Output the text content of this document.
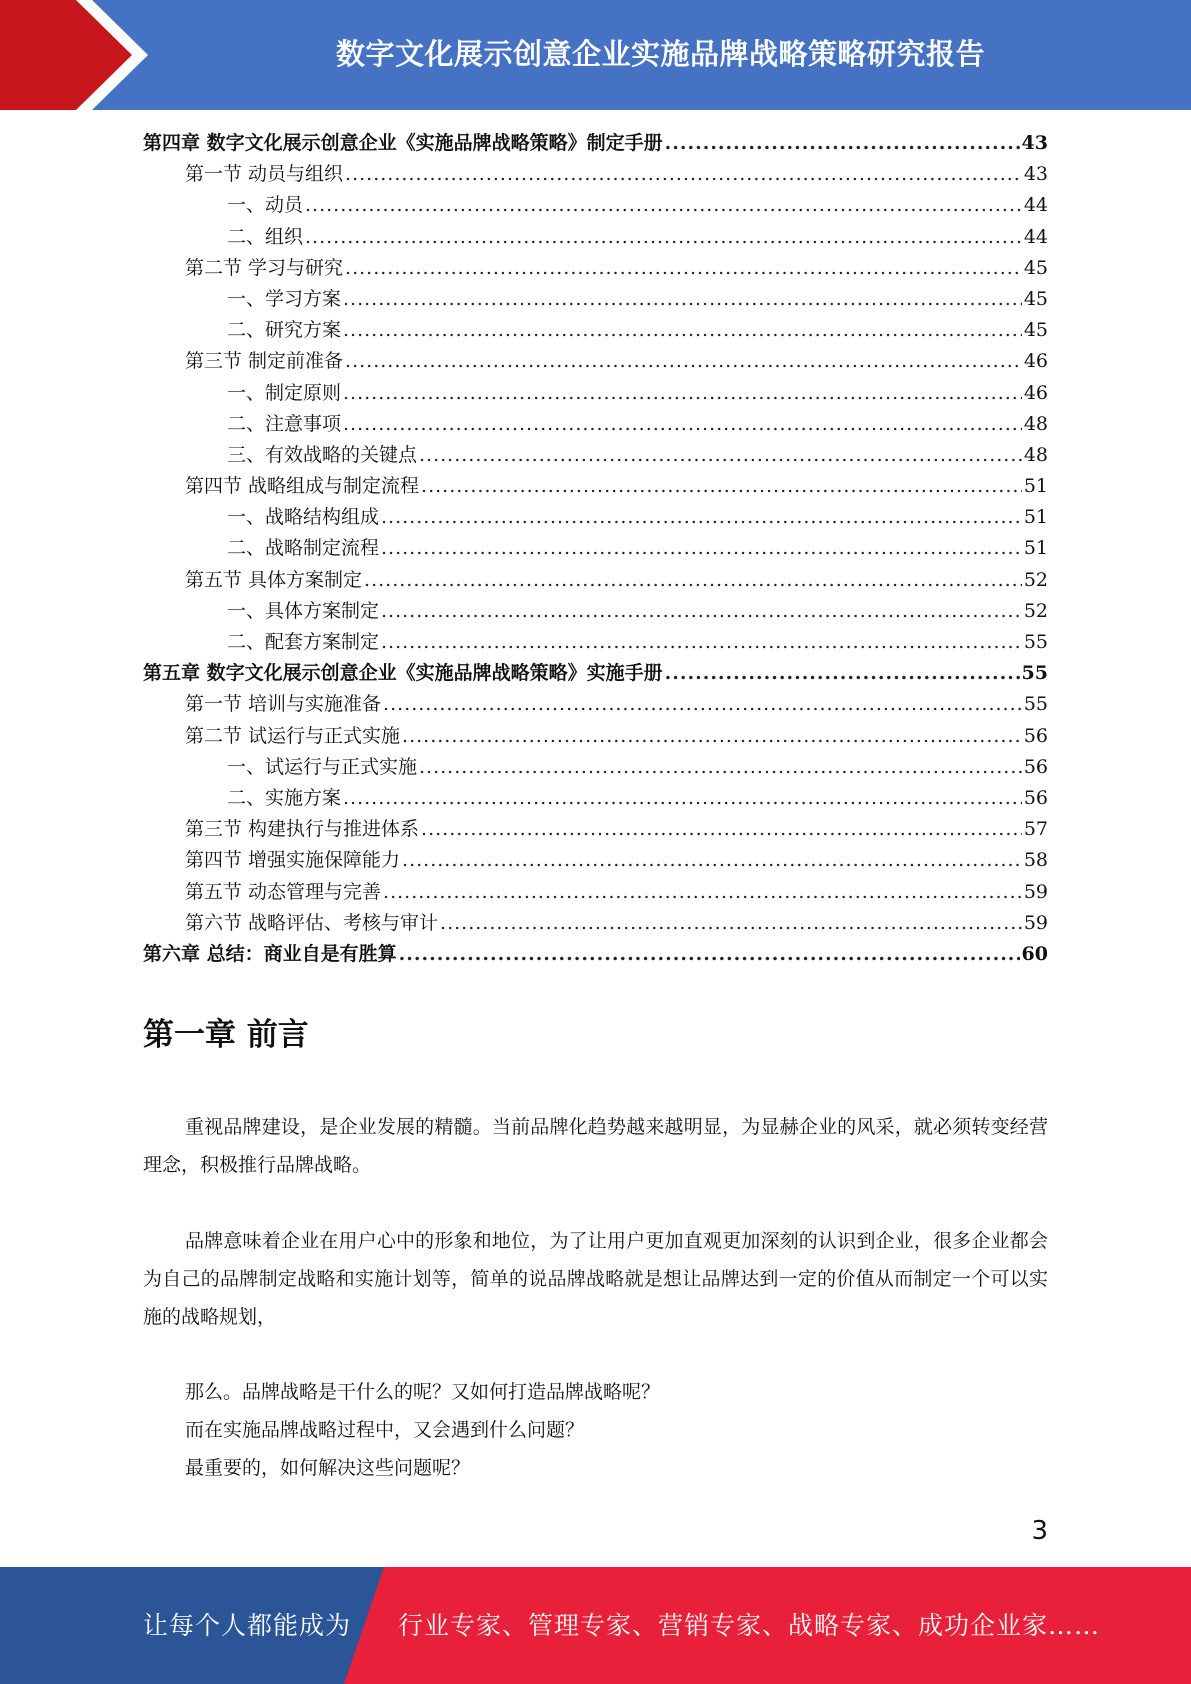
数字文化展示创意企业实施品牌战略策略研究报告
第四章 数字文化展示创意企业《实施品牌战略策略》制定手册 .....	43
第一节 动员与组织 .....	43
一、动员 .....	44
二、组织 .....	44
第二节 学习与研究 .....	45
一、学习方案 .....	45
二、研究方案 .....	45
第三节 制定前准备 .....	46
一、制定原则 .....	46
二、注意事项 .....	48
三、有效战略的关键点 .....	48
第四节 战略组成与制定流程 .....	51
一、战略结构组成 .....	51
二、战略制定流程 .....	51
第五节 具体方案制定 .....	52
一、具体方案制定 .....	52
二、配套方案制定 .....	55
第五章 数字文化展示创意企业《实施品牌战略策略》实施手册 .....	55
第一节 培训与实施准备 .....	55
第二节 试运行与正式实施 .....	56
一、试运行与正式实施 .....	56
二、实施方案 .....	56
第三节 构建执行与推进体系 .....	57
第四节 增强实施保障能力 .....	58
第五节 动态管理与完善 .....	59
第六节 战略评估、考核与审计 .....	59
第六章 总结：商业自是有胜算 .....	60
第一章 前言
重视品牌建设，是企业发展的精髓。当前品牌化趋势越来越明显，为显赫企业的风采，就必须转变经营理念，积极推行品牌战略。
品牌意味着企业在用户心中的形象和地位，为了让用户更加直观更加深刻的认识到企业，很多企业都会为自己的品牌制定战略和实施计划等，简单的说品牌战略就是想让品牌达到一定的价值从而制定一个可以实施的战略规划，
那么。品牌战略是干什么的呢？又如何打造品牌战略呢？
而在实施品牌战略过程中，又会遇到什么问题？
最重要的，如何解决这些问题呢？
3
让每个人都能成为 行业专家、管理专家、营销专家、战略专家、成功企业家……
